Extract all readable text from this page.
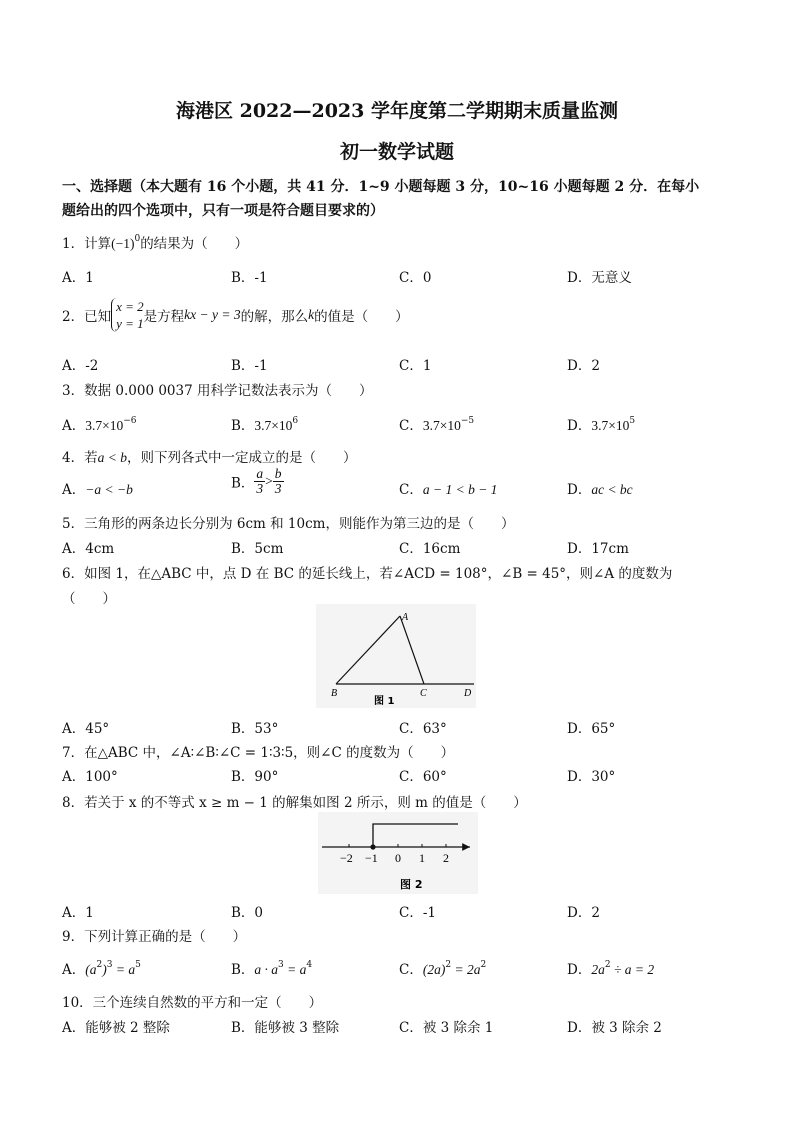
海港区 2022—2023 学年度第二学期期末质量监测
初一数学试题
一、选择题（本大题有 16 个小题，共 41 分．1~9 小题每题 3 分，10~16 小题每题 2 分．在每小
题给出的四个选项中，只有一项是符合题目要求的）
1．计算$(-1)^0$的结果为（　　）
A．1	B．-1	C．0	D．无意义
2．已知
x = 2
y = 1 是方程kx − y = 3的解，那么k的值是（　　）
A．-2	B．-1	C．1	D．2
3．数据 0.000 0037 用科学记数法表示为（　　）
A．$3.7\times 10^{-6}$	B．$3.7\times 10^6$	C．$3.7\times 10^{-5}$	D．$3.7\times 10^5$
4．若a < b，则下列各式中一定成立的是（　　）
A．−a < −b	B． $\frac{a}{3} > \frac{b}{3}$	C．a − 1 < b − 1	D．ac < bc
5．三角形的两条边长分别为 6cm 和 10cm，则能作为第三边的是（　　）
A．4cm	B．5cm	C．16cm	D．17cm
6．如图 1，在△ABC 中，点 D 在 BC 的延长线上，若∠ACD = 108°，∠B = 45°，则∠A 的度数为
（　　）
A
B	C	D
图 1
A．45°	B．53°	C．63°	D．65°
7．在△ABC 中，∠A∶∠B∶∠C = 1∶3∶5，则∠C 的度数为（　　）
A．100°	B．90°	C．60°	D．30°
8．若关于 x 的不等式 x ≥ m − 1 的解集如图 2 所示，则 m 的值是（　　）
−2 −1 0 1 2
图 2
A．1	B．0	C．-1	D．2
9．下列计算正确的是（　　）
A．$(a^2)^3 = a^5$	B．$a \cdot a^3 = a^4$	C．$(2a)^2 = 2a^2$	D．$2a^2 \div a = 2$
10．三个连续自然数的平方和一定（　　）
A．能够被 2 整除	B．能够被 3 整除	C．被 3 除余 1	D．被 3 除余 2
